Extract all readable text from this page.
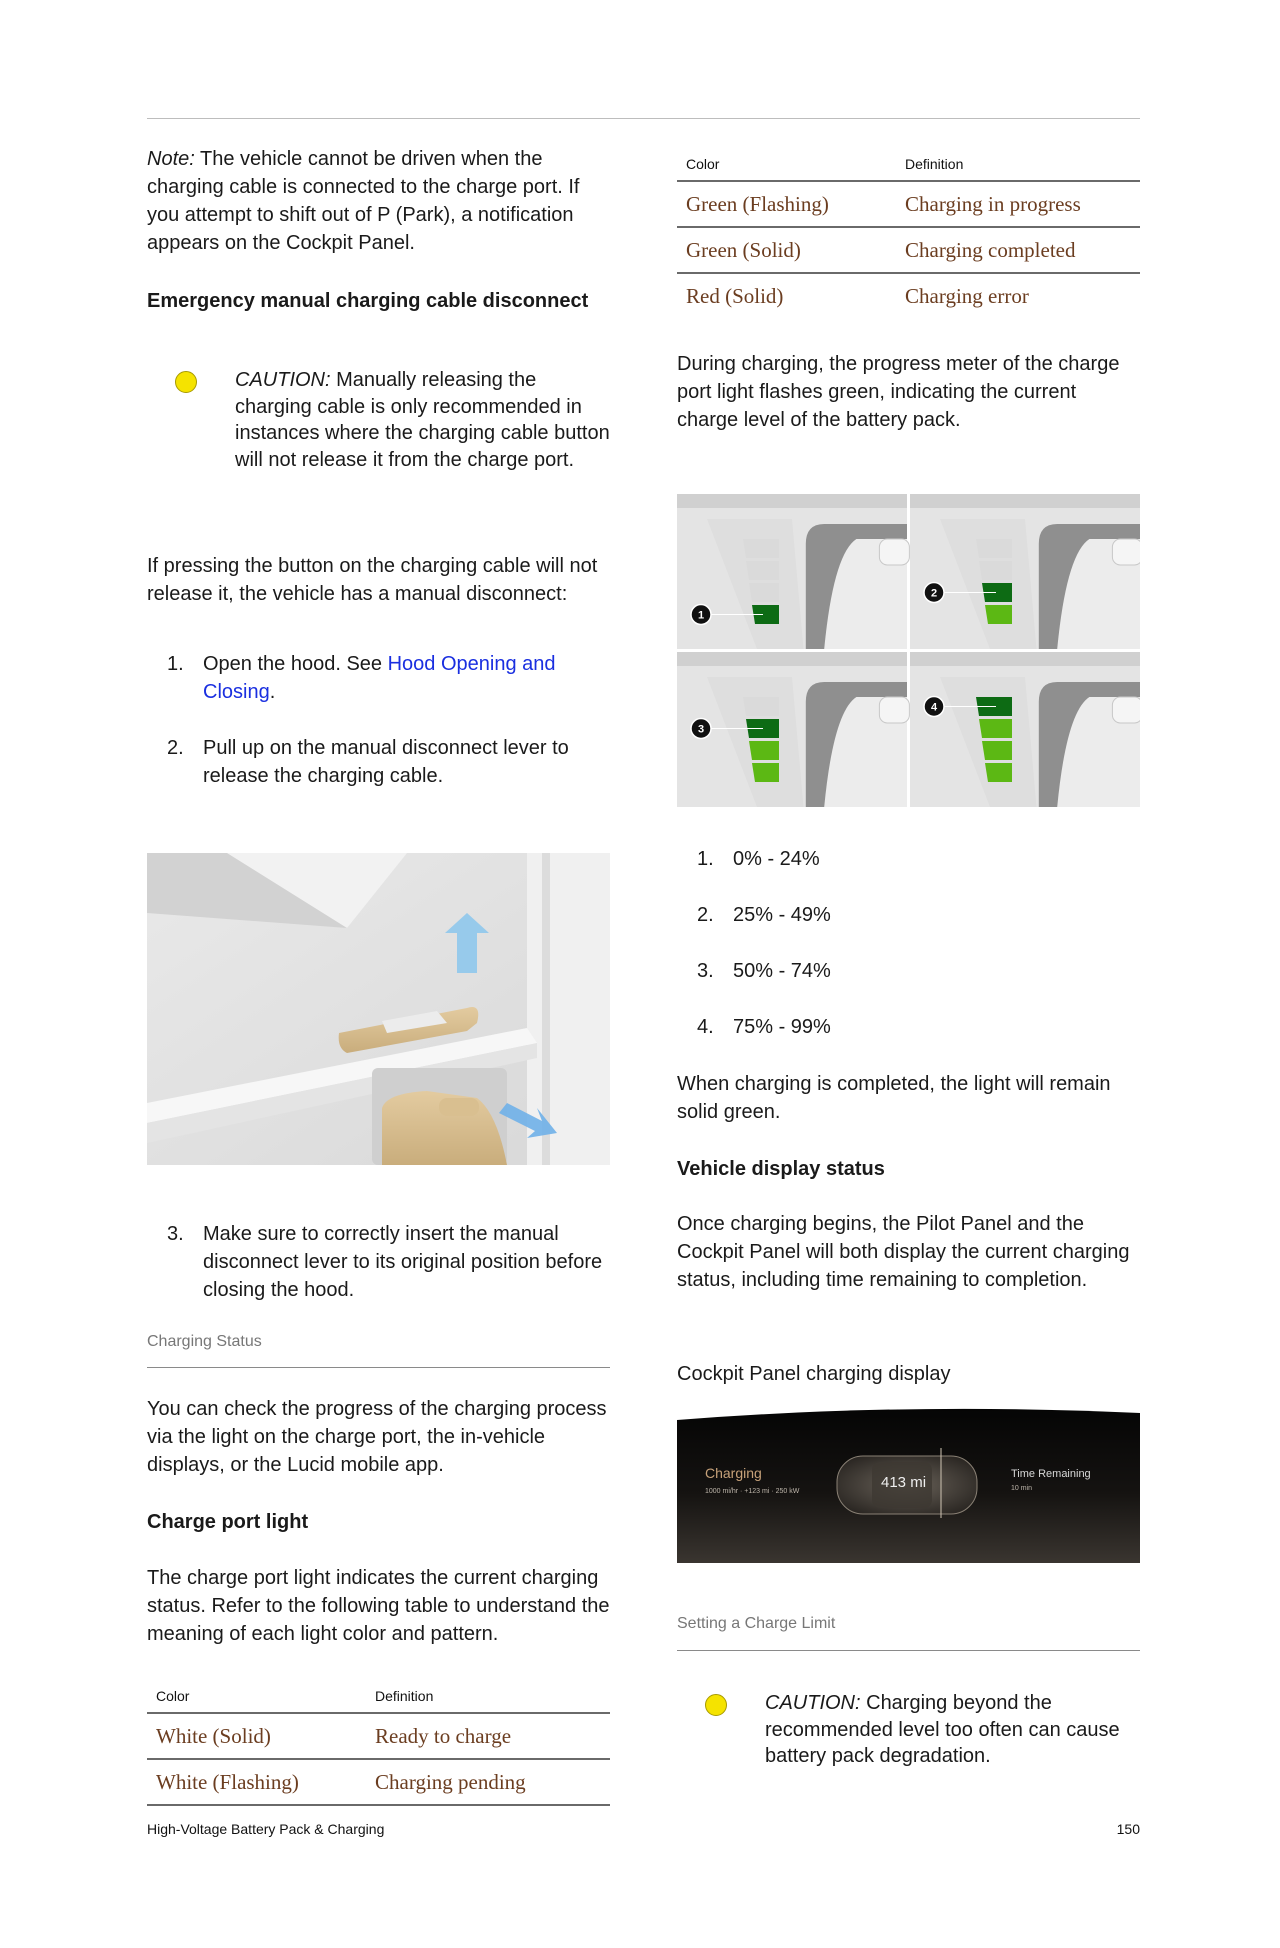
Note: The vehicle cannot be driven when the charging cable is connected to the charge port. If you attempt to shift out of P (Park), a notification appears on the Cockpit Panel.

Emergency manual charging cable disconnect

CAUTION: Manually releasing the charging cable is only recommended in instances where the charging cable button will not release it from the charge port.

If pressing the button on the charging cable will not release it, the vehicle has a manual disconnect:

1. Open the hood. See Hood Opening and Closing.
2. Pull up on the manual disconnect lever to release the charging cable.
3. Make sure to correctly insert the manual disconnect lever to its original position before closing the hood.
Charging Status

You can check the progress of the charging process via the light on the charge port, the in-vehicle displays, or the Lucid mobile app.

Charge port light

The charge port light indicates the current charging status. Refer to the following table to understand the meaning of each light color and pattern.

Color	Definition
White (Solid)	Ready to charge
White (Flashing)	Charging pending
High-Voltage Battery Pack & Charging
Color	Definition
Green (Flashing)	Charging in progress
Green (Solid)	Charging completed
Red (Solid)	Charging error

During charging, the progress meter of the charge port light flashes green, indicating the current charge level of the battery pack.

1
2
3
4
1. 0% - 24%
2. 25% - 49%
3. 50% - 74%
4. 75% - 99%

When charging is completed, the light will remain solid green.

Vehicle display status

Once charging begins, the Pilot Panel and the Cockpit Panel will both display the current charging status, including time remaining to completion.

Cockpit Panel charging display

Charging
1000 mi/hr · +123 mi · 250 kW
413 mi	Time Remaining
10 min
Setting a Charge Limit
CAUTION: Charging beyond the recommended level too often can cause battery pack degradation.
150
